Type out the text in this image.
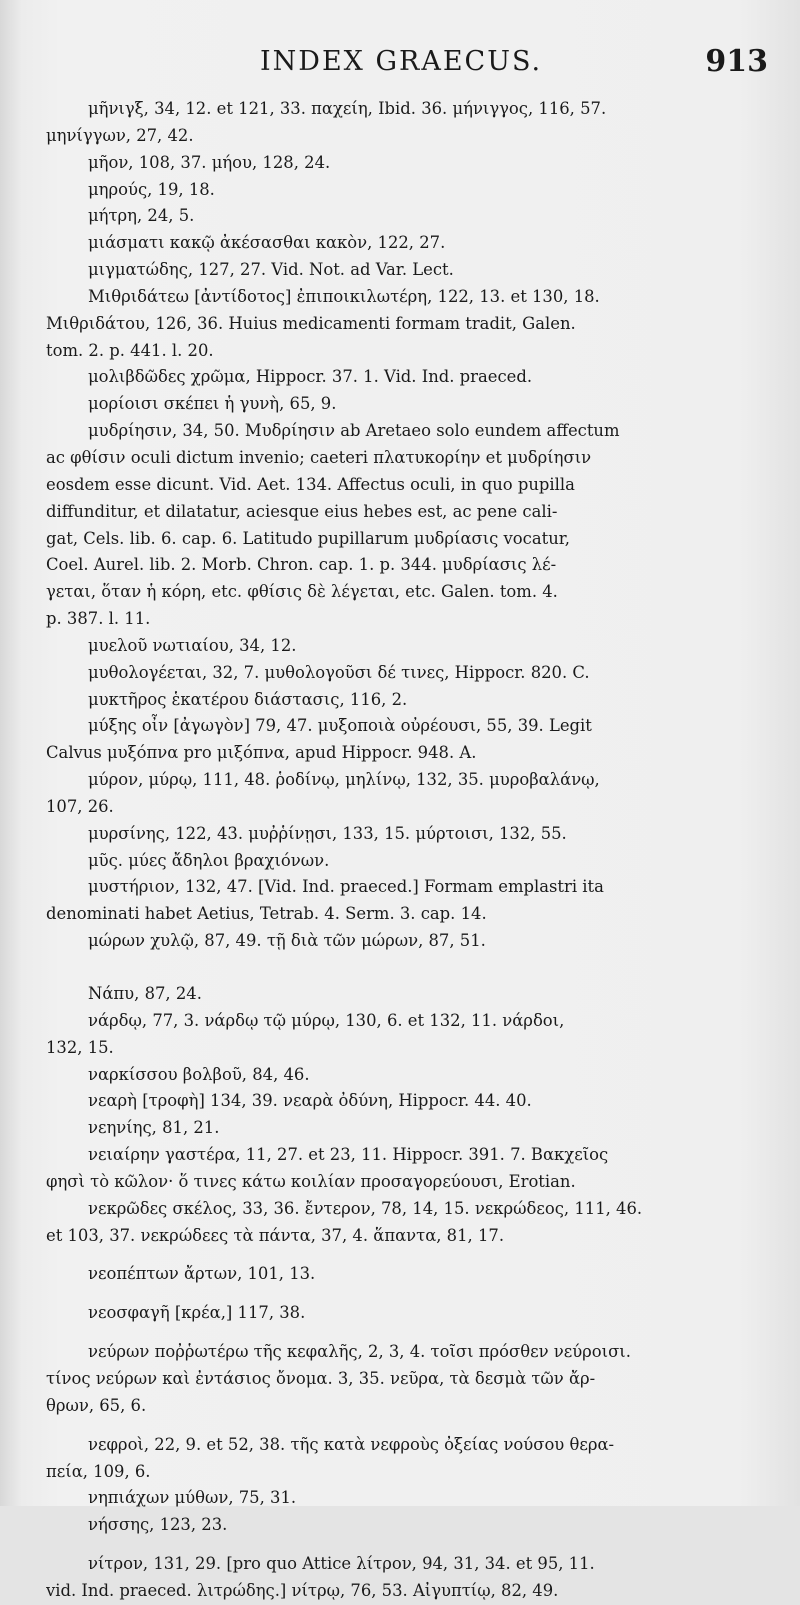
INDEX GRAECUS.	913

μῆνιγξ, 34, 12. et 121, 33. παχείη, Ibid. 36. μήνιγγος, 116, 57.

μηνίγγων, 27, 42.

μῆον, 108, 37. μήου, 128, 24.

μηρούς, 19, 18.

μήτρη, 24, 5.

μιάσματι κακῷ ἀκέσασθαι κακὸν, 122, 27.

μιγματώδης, 127, 27. Vid. Not. ad Var. Lect.

Μιθριδάτεω [ἀντίδοτος] ἐπιποικιλωτέρη, 122, 13. et 130, 18.

Μιθριδάτου, 126, 36. Huius medicamenti formam tradit, Galen.

tom. 2. p. 441. l. 20.

μολιβδῶδες χρῶμα, Hippocr. 37. 1. Vid. Ind. praeced.

μορίοισι σκέπει ἡ γυνὴ, 65, 9.

μυδρίησιν, 34, 50. Μυδρίησιν ab Aretaeo solo eundem affectum

ac φθίσιν oculi dictum invenio; caeteri πλατυκορίην et μυδρίησιν

eosdem esse dicunt. Vid. Aet. 134. Affectus oculi, in quo pupilla

diffunditur, et dilatatur, aciesque eius hebes est, ac pene cali-

gat, Cels. lib. 6. cap. 6. Latitudo pupillarum μυδρίασις vocatur,

Coel. Aurel. lib. 2. Morb. Chron. cap. 1. p. 344. μυδρίασις λέ-

γεται, ὅταν ἡ κόρη, etc. φθίσις δὲ λέγεται, etc. Galen. tom. 4.

p. 387. l. 11.

μυελοῦ νωτιαίου, 34, 12.

μυθολογέεται, 32, 7. μυθολογοῦσι δέ τινες, Hippocr. 820. C.

μυκτῆρος ἑκατέρου διάστασις, 116, 2.

μύξης οἶν [ἀγωγὸν] 79, 47. μυξοποιὰ οὐρέουσι, 55, 39. Legit

Calvus μυξόπνα pro μιξόπνα, apud Hippocr. 948. A.

μύρον, μύρῳ, 111, 48. ῥοδίνῳ, μηλίνῳ, 132, 35. μυροβαλάνῳ,

107, 26.

μυρσίνης, 122, 43. μυῤῥίνῃσι, 133, 15. μύρτοισι, 132, 55.

μῦς. μύες ἄδηλοι βραχιόνων.

μυστήριον, 132, 47. [Vid. Ind. praeced.] Formam emplastri ita

denominati habet Aetius, Tetrab. 4. Serm. 3. cap. 14.

μώρων χυλῷ, 87, 49. τῇ διὰ τῶν μώρων, 87, 51.

Νάπυ, 87, 24.

νάρδῳ, 77, 3. νάρδῳ τῷ μύρῳ, 130, 6. et 132, 11. νάρδοι,

132, 15.

ναρκίσσου βολβοῦ, 84, 46.

νεαρὴ [τροφὴ] 134, 39. νεαρὰ ὀδύνη, Hippocr. 44. 40.

νεηνίης, 81, 21.

νειαίρην γαστέρα, 11, 27. et 23, 11. Hippocr. 391. 7. Βακχεῖος

φησὶ τὸ κῶλον· ὅ τινες κάτω κοιλίαν προσαγορεύουσι, Erotian.

νεκρῶδες σκέλος, 33, 36. ἔντερον, 78, 14, 15. νεκρώδεος, 111, 46.

et 103, 37. νεκρώδεες τὰ πάντα, 37, 4. ἅπαντα, 81, 17.

νεοπέπτων ἄρτων, 101, 13.

νεοσφαγῆ [κρέα,] 117, 38.

νεύρων ποῤῥωτέρω τῆς κεφαλῆς, 2, 3, 4. τοῖσι πρόσθεν νεύροισι.

τίνος νεύρων καὶ ἐντάσιος ὄνομα. 3, 35. νεῦρα, τὰ δεσμὰ τῶν ἄρ-

θρων, 65, 6.

νεφροὶ, 22, 9. et 52, 38. τῆς κατὰ νεφροὺς ὀξείας νούσου θερα-

πεία, 109, 6.

νηπιάχων μύθων, 75, 31.

νήσσης, 123, 23.

νίτρον, 131, 29. [pro quo Attice λίτρον, 94, 31, 34. et 95, 11.

vid. Ind. praeced. λιτρώδης.] νίτρῳ, 76, 53. Αἰγυπτίῳ, 82, 49.
